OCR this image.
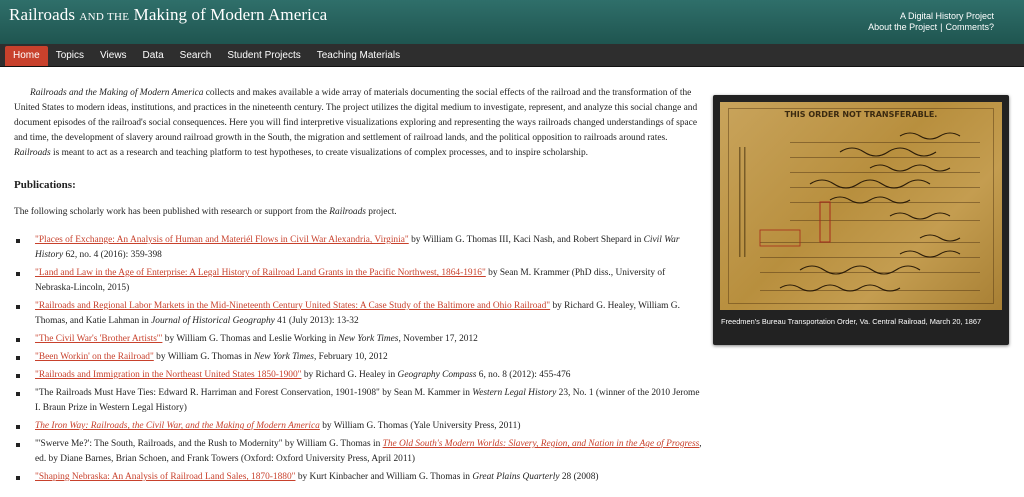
Railroads AND THE Making of Modern America	A Digital History Project
About the Project | Comments?
Home Topics Views Data Search Student Projects Teaching Materials

Railroads and the Making of Modern America collects and makes available a wide array of materials documenting the social effects of the railroad and the transformation of the United States to modern ideas, institutions, and practices in the nineteenth century. The project utilizes the digital medium to investigate, represent, and analyze this social change and document episodes of the railroad's social consequences. Here you will find interpretive visualizations exploring and representing the ways railroads changed understandings of space and time, the development of slavery around railroad growth in the South, the migration and settlement of railroad lands, and the political opposition to railroads around rates. Railroads is meant to act as a research and teaching platform to test hypotheses, to create visualizations of complex processes, and to inspire scholarship.

Publications:

The following scholarly work has been published with research or support from the Railroads project.

"Places of Exchange: An Analysis of Human and Materiél Flows in Civil War Alexandria, Virginia" by William G. Thomas III, Kaci Nash, and Robert Shepard in Civil War History 62, no. 4 (2016): 359-398
"Land and Law in the Age of Enterprise: A Legal History of Railroad Land Grants in the Pacific Northwest, 1864-1916" by Sean M. Krammer (PhD diss., University of Nebraska-Lincoln, 2015)
"Railroads and Regional Labor Markets in the Mid-Nineteenth Century United States: A Case Study of the Baltimore and Ohio Railroad" by Richard G. Healey, William G. Thomas, and Katie Lahman in Journal of Historical Geography 41 (July 2013): 13-32
"The Civil War's 'Brother Artists'" by William G. Thomas and Leslie Working in New York Times, November 17, 2012
"Been Workin' on the Railroad" by William G. Thomas in New York Times, February 10, 2012
"Railroads and Immigration in the Northeast United States 1850-1900" by Richard G. Healey in Geography Compass 6, no. 8 (2012): 455-476
"The Railroads Must Have Ties: Edward R. Harriman and Forest Conservation, 1901-1908" by Sean M. Kammer in Western Legal History 23, No. 1 (winner of the 2010 Jerome I. Braun Prize in Western Legal History)
The Iron Way: Railroads, the Civil War, and the Making of Modern America by William G. Thomas (Yale University Press, 2011)
"'Swerve Me?': The South, Railroads, and the Rush to Modernity" by William G. Thomas in The Old South's Modern Worlds: Slavery, Region, and Nation in the Age of Progress, ed. by Diane Barnes, Brian Schoen, and Frank Towers (Oxford: Oxford University Press, April 2011)
"Shaping Nebraska: An Analysis of Railroad Land Sales, 1870-1880" by Kurt Kinbacher and William G. Thomas in Great Plains Quarterly 28 (2008)
THIS ORDER NOT TRANSFERABLE.
Freedmen's Bureau Transportation Order, Va. Central Railroad, March 20, 1867
